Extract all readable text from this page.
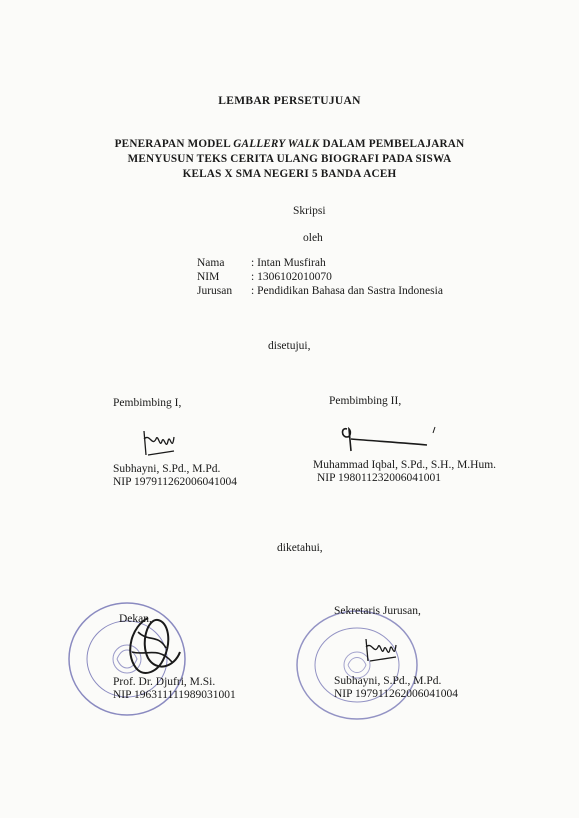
LEMBAR PERSETUJUAN
PENERAPAN MODEL GALLERY WALK DALAM PEMBELAJARAN
MENYUSUN TEKS CERITA ULANG BIOGRAFI PADA SISWA
KELAS X SMA NEGERI 5 BANDA ACEH
Skripsi
oleh
Nama : Intan Musfirah
NIM	: 1306102010070
Jurusan : Pendidikan Bahasa dan Sastra Indonesia
disetujui,
Pembimbing I,
Subhayni, S.Pd., M.Pd.
NIP 197911262006041004
Pembimbing II,
Muhammad Iqbal, S.Pd., S.H., M.Hum.
NIP 198011232006041001
diketahui,
Dekan,
Prof. Dr. Djufri, M.Si.
NIP 196311111989031001
Sekretaris Jurusan,
Subhayni, S.Pd., M.Pd.
NIP 197911262006041004
